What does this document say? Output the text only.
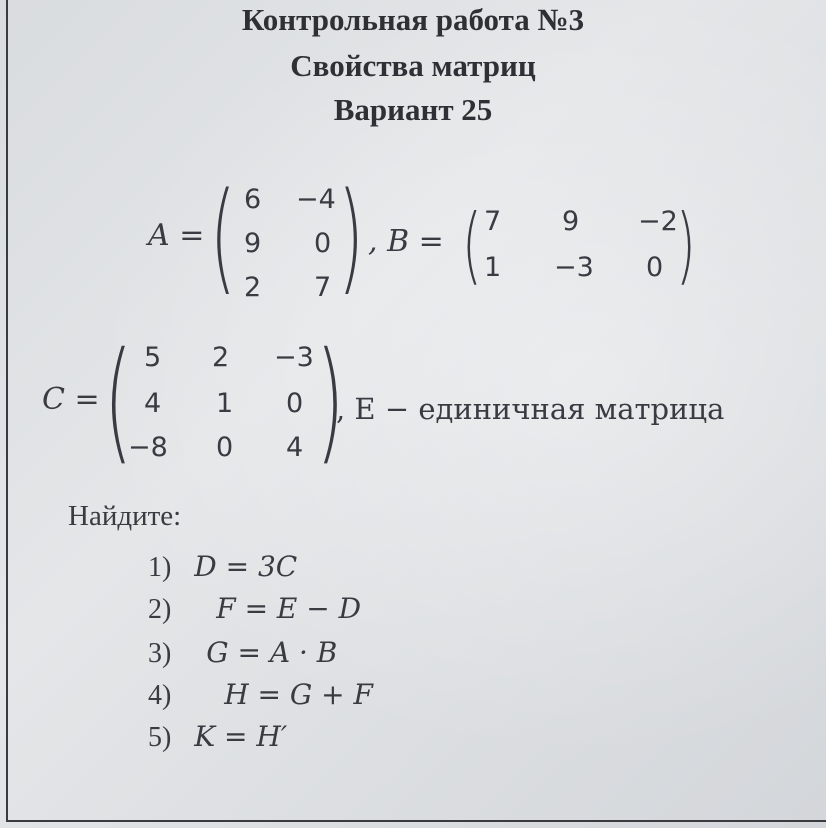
Контрольная работа №3
Свойства матриц
Вариант 25
A = ( 6 −4
9 0
2 7 ) , B = ( 7 9 −2
1 −3 0 )
C = ( 5 2 −3
4 1 0
−8 0 4 )
, E − единичная матрица
Найдите:
1) D = 3C
2) F = E − D
3) G = A · B
4) H = G + F
5) K = H′
